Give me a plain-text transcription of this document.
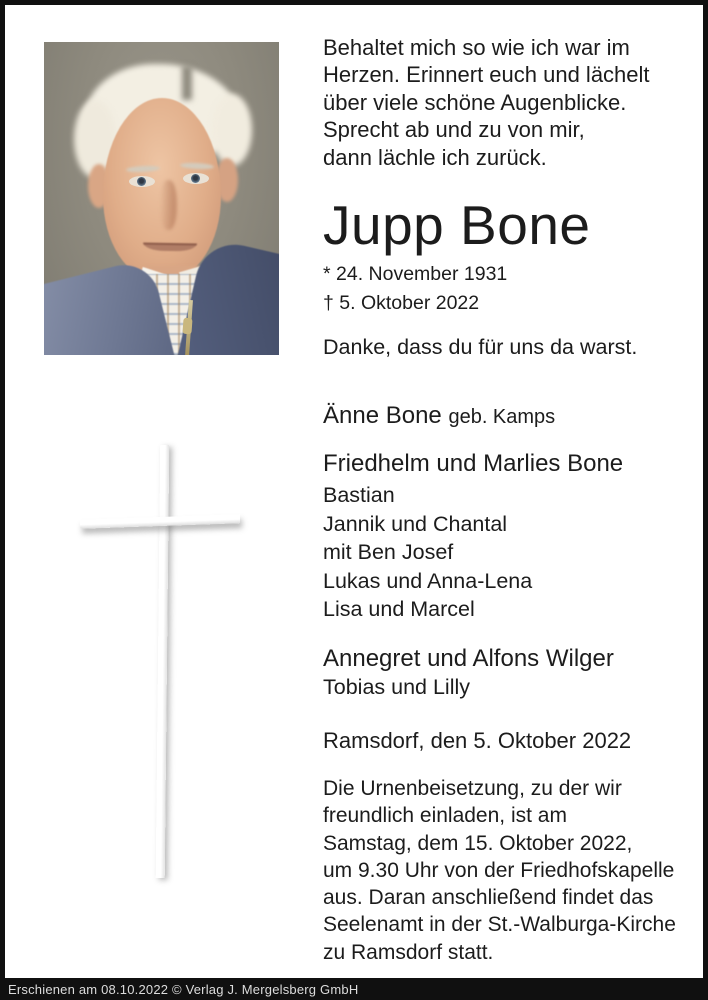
Behaltet mich so wie ich war im
Herzen. Erinnert euch und lächelt
über viele schöne Augenblicke.
Sprecht ab und zu von mir,
dann lächle ich zurück.
Jupp Bone
* 24. November 1931
† 5. Oktober 2022
Danke, dass du für uns da warst.
Änne Bone geb. Kamps
Friedhelm und Marlies Bone
Bastian
Jannik und Chantal
mit Ben Josef
Lukas und Anna-Lena
Lisa und Marcel
Annegret und Alfons Wilger
Tobias und Lilly
Ramsdorf, den 5. Oktober 2022
Die Urnenbeisetzung, zu der wir
freundlich einladen, ist am
Samstag, dem 15. Oktober 2022,
um 9.30 Uhr von der Friedhofskapelle
aus. Daran anschließend findet das
Seelenamt in der St.-Walburga-Kirche
zu Ramsdorf statt.
Erschienen am 08.10.2022 © Verlag J. Mergelsberg GmbH
